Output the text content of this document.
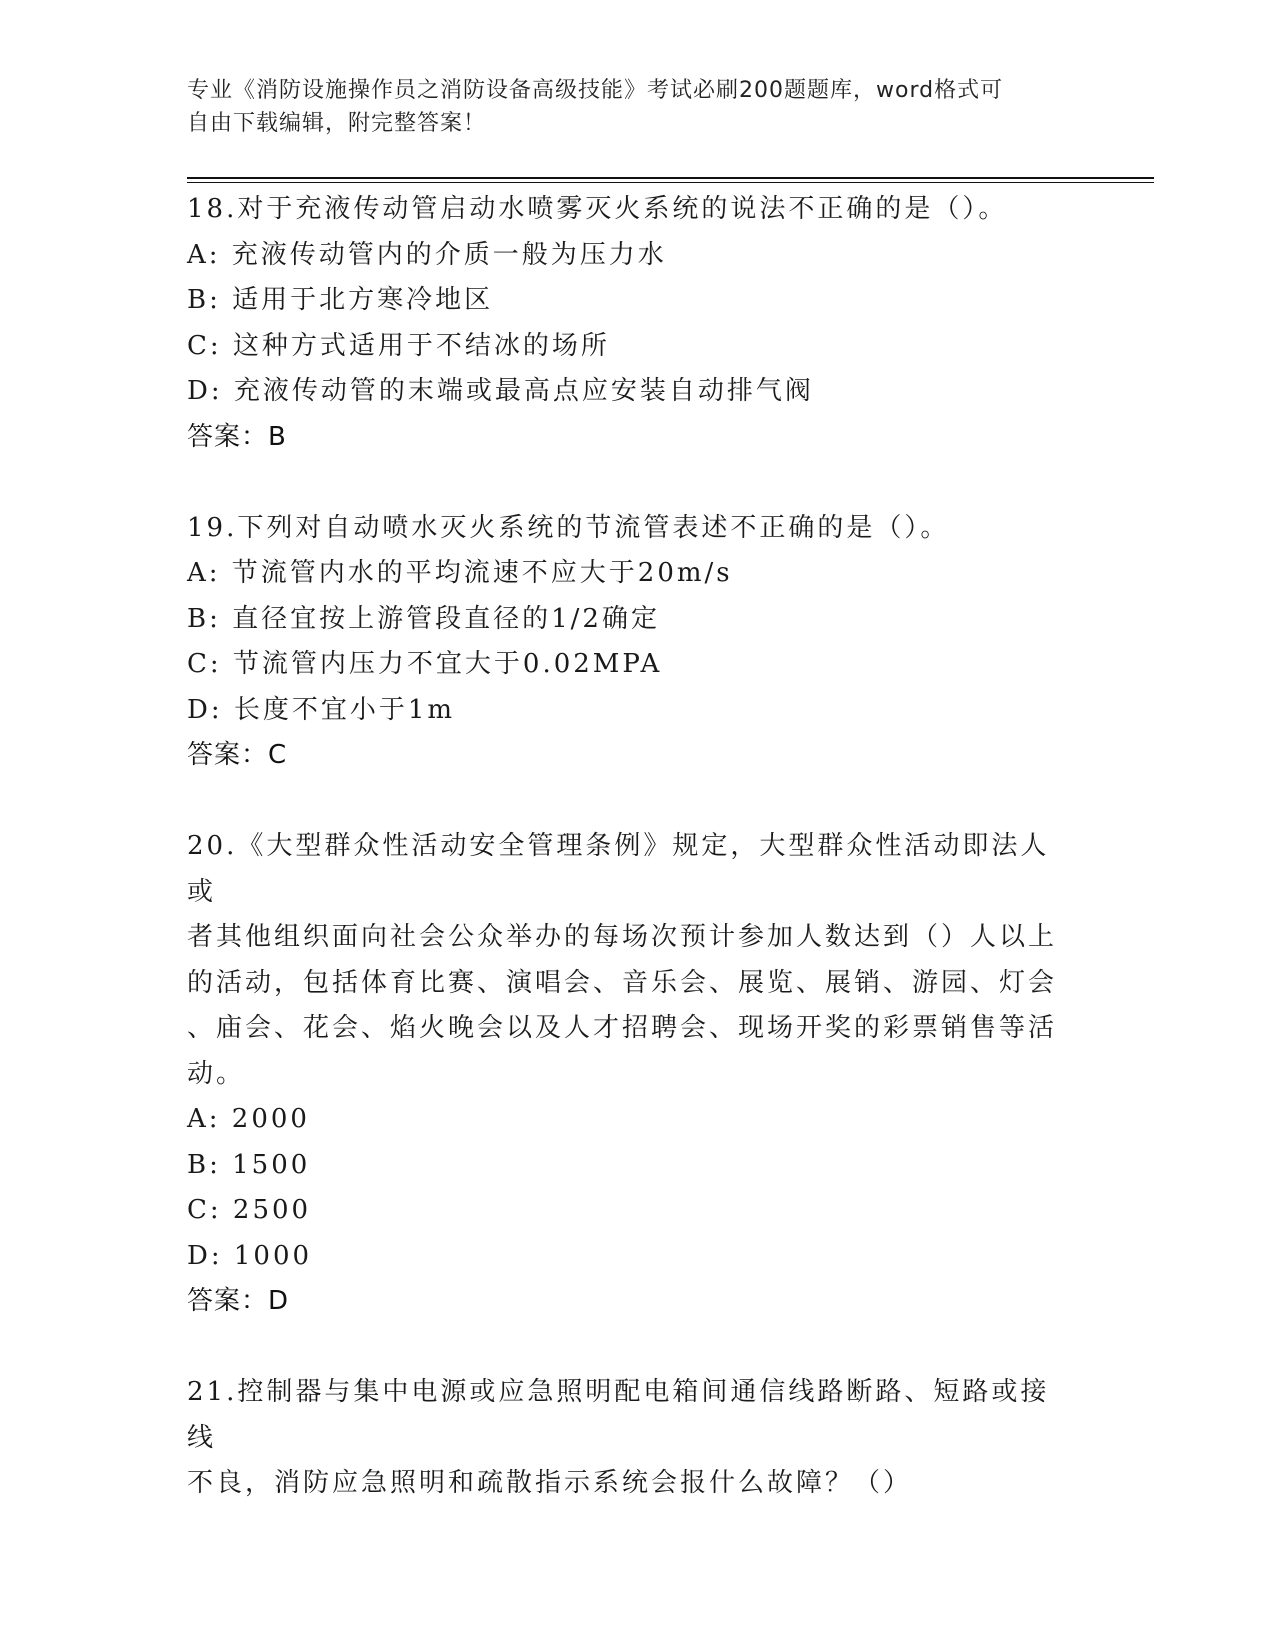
专业《消防设施操作员之消防设备高级技能》考试必刷200题题库，word格式可
自由下载编辑，附完整答案！
18.对于充液传动管启动水喷雾灭火系统的说法不正确的是（）。
A: 充液传动管内的介质一般为压力水
B: 适用于北方寒冷地区
C: 这种方式适用于不结冰的场所
D: 充液传动管的末端或最高点应安装自动排气阀
答案：B
19.下列对自动喷水灭火系统的节流管表述不正确的是（）。
A: 节流管内水的平均流速不应大于20m/s
B: 直径宜按上游管段直径的1/2确定
C: 节流管内压力不宜大于0.02MPA
D: 长度不宜小于1m
答案：C
20.《大型群众性活动安全管理条例》规定，大型群众性活动即法人或
者其他组织面向社会公众举办的每场次预计参加人数达到（）人以上
的活动，包括体育比赛、演唱会、音乐会、展览、展销、游园、灯会
、庙会、花会、焰火晚会以及人才招聘会、现场开奖的彩票销售等活
动。
A: 2000
B: 1500
C: 2500
D: 1000
答案：D
21.控制器与集中电源或应急照明配电箱间通信线路断路、短路或接线
不良，消防应急照明和疏散指示系统会报什么故障？（）
